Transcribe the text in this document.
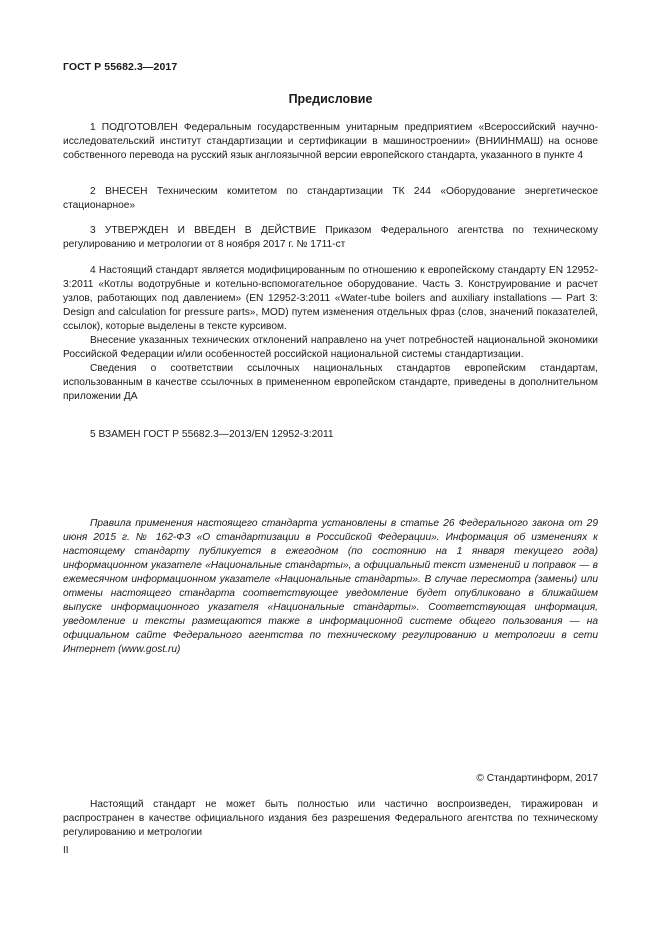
ГОСТ Р 55682.3—2017
Предисловие

1 ПОДГОТОВЛЕН Федеральным государственным унитарным предприятием «Всероссийский научно-исследовательский институт стандартизации и сертификации в машиностроении» (ВНИИНМАШ) на основе собственного перевода на русский язык англоязычной версии европейского стандарта, указанного в пункте 4

2 ВНЕСЕН Техническим комитетом по стандартизации ТК 244 «Оборудование энергетическое стационарное»

3 УТВЕРЖДЕН И ВВЕДЕН В ДЕЙСТВИЕ Приказом Федерального агентства по техническому регулированию и метрологии от 8 ноября 2017 г. № 1711-ст

4 Настоящий стандарт является модифицированным по отношению к европейскому стандарту EN 12952-3:2011 «Котлы водотрубные и котельно-вспомогательное оборудование. Часть 3. Конструирование и расчет узлов, работающих под давлением» (EN 12952-3:2011 «Water-tube boilers and auxiliary installations — Part 3: Design and calculation for pressure parts», MOD) путем изменения отдельных фраз (слов, значений показателей, ссылок), которые выделены в тексте курсивом.

Внесение указанных технических отклонений направлено на учет потребностей национальной экономики Российской Федерации и/или особенностей российской национальной системы стандартизации.

Сведения о соответствии ссылочных национальных стандартов европейским стандартам, использованным в качестве ссылочных в примененном европейском стандарте, приведены в дополнительном приложении ДА

5 ВЗАМЕН ГОСТ Р 55682.3—2013/EN 12952-3:2011

Правила применения настоящего стандарта установлены в статье 26 Федерального закона от 29 июня 2015 г. № 162-ФЗ «О стандартизации в Российской Федерации». Информация об изменениях к настоящему стандарту публикуется в ежегодном (по состоянию на 1 января текущего года) информационном указателе «Национальные стандарты», а официальный текст изменений и поправок — в ежемесячном информационном указателе «Национальные стандарты». В случае пересмотра (замены) или отмены настоящего стандарта соответствующее уведомление будет опубликовано в ближайшем выпуске информационного указателя «Национальные стандарты». Соответствующая информация, уведомление и тексты размещаются также в информационной системе общего пользования — на официальном сайте Федерального агентства по техническому регулированию и метрологии в сети Интернет (www.gost.ru)

© Стандартинформ, 2017

Настоящий стандарт не может быть полностью или частично воспроизведен, тиражирован и распространен в качестве официального издания без разрешения Федерального агентства по техническому регулированию и метрологии

II
